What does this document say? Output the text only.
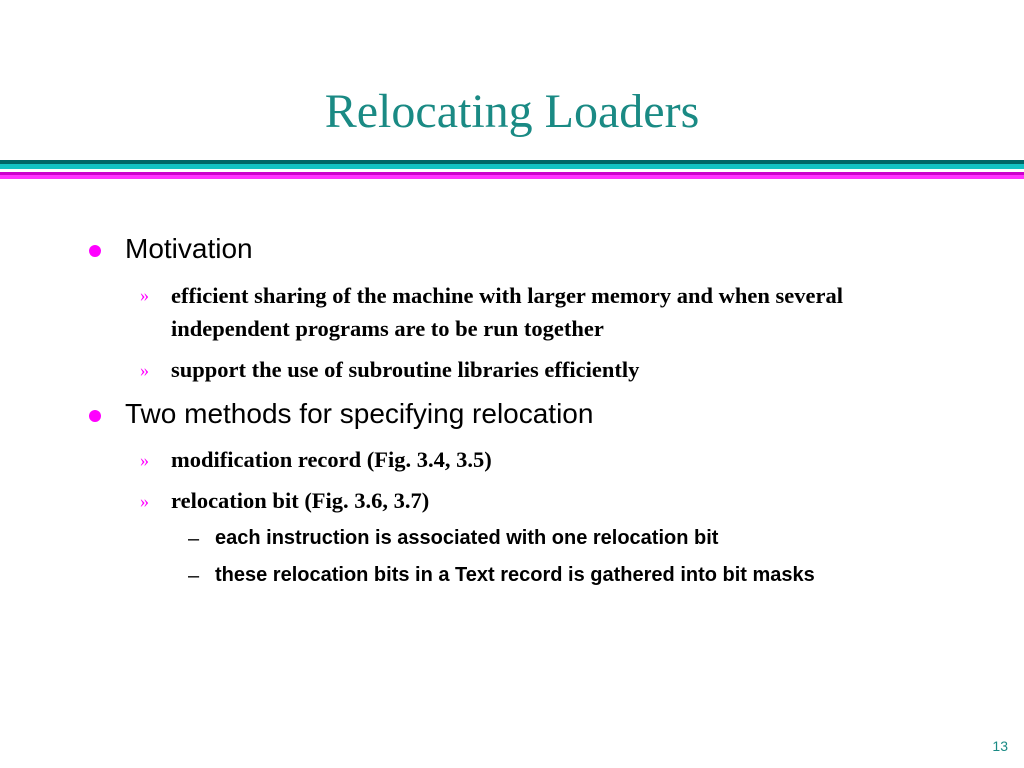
Relocating Loaders
Motivation
» efficient sharing of the machine with larger memory and when several independent programs are to be run together
» support the use of subroutine libraries efficiently
Two methods for specifying relocation
» modification record (Fig. 3.4, 3.5)
» relocation bit (Fig. 3.6, 3.7)
– each instruction is associated with one relocation bit
– these relocation bits in a Text record is gathered into bit masks
13
